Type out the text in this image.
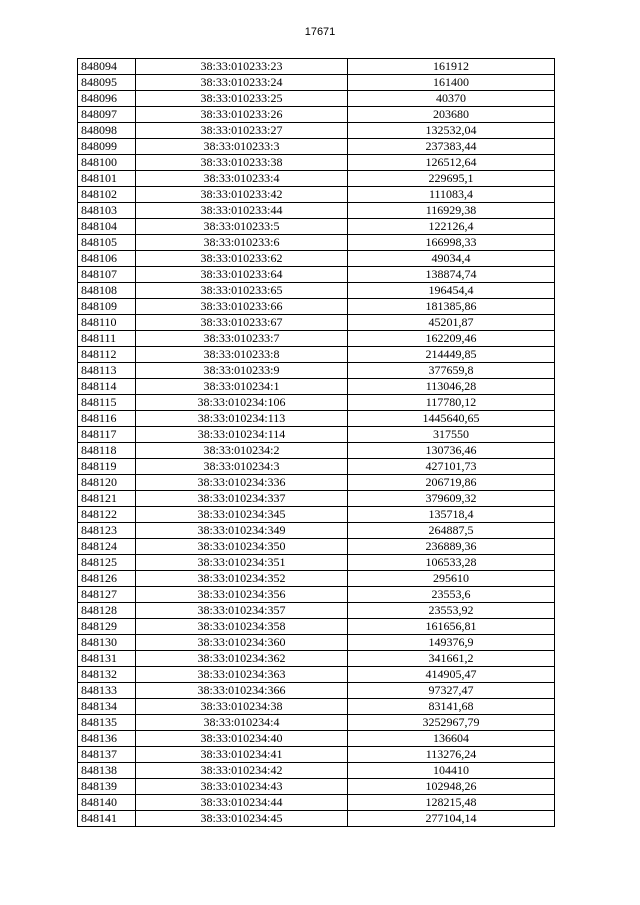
17671
848094	38:33:010233:23	161912
848095	38:33:010233:24	161400
848096	38:33:010233:25	40370
848097	38:33:010233:26	203680
848098	38:33:010233:27	132532,04
848099	38:33:010233:3	237383,44
848100	38:33:010233:38	126512,64
848101	38:33:010233:4	229695,1
848102	38:33:010233:42	111083,4
848103	38:33:010233:44	116929,38
848104	38:33:010233:5	122126,4
848105	38:33:010233:6	166998,33
848106	38:33:010233:62	49034,4
848107	38:33:010233:64	138874,74
848108	38:33:010233:65	196454,4
848109	38:33:010233:66	181385,86
848110	38:33:010233:67	45201,87
848111	38:33:010233:7	162209,46
848112	38:33:010233:8	214449,85
848113	38:33:010233:9	377659,8
848114	38:33:010234:1	113046,28
848115	38:33:010234:106	117780,12
848116	38:33:010234:113	1445640,65
848117	38:33:010234:114	317550
848118	38:33:010234:2	130736,46
848119	38:33:010234:3	427101,73
848120	38:33:010234:336	206719,86
848121	38:33:010234:337	379609,32
848122	38:33:010234:345	135718,4
848123	38:33:010234:349	264887,5
848124	38:33:010234:350	236889,36
848125	38:33:010234:351	106533,28
848126	38:33:010234:352	295610
848127	38:33:010234:356	23553,6
848128	38:33:010234:357	23553,92
848129	38:33:010234:358	161656,81
848130	38:33:010234:360	149376,9
848131	38:33:010234:362	341661,2
848132	38:33:010234:363	414905,47
848133	38:33:010234:366	97327,47
848134	38:33:010234:38	83141,68
848135	38:33:010234:4	3252967,79
848136	38:33:010234:40	136604
848137	38:33:010234:41	113276,24
848138	38:33:010234:42	104410
848139	38:33:010234:43	102948,26
848140	38:33:010234:44	128215,48
848141	38:33:010234:45	277104,14
